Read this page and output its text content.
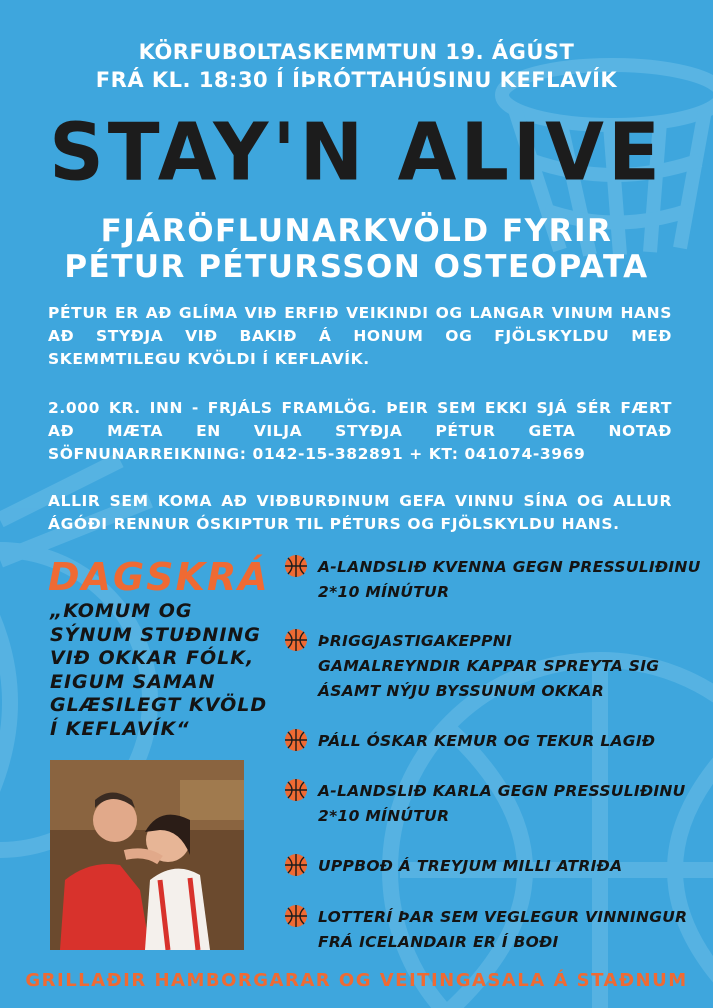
KÖRFUBOLTASKEMMTUN 19. ÁGÚST
FRÁ KL. 18:30 Í ÍÞRÓTTAHÚSINU KEFLAVÍK
STAY'N ALIVE
FJÁRÖFLUNARKVÖLD FYRIR
PÉTUR PÉTURSSON OSTEOPATA
PÉTUR ER AÐ GLÍMA VIÐ ERFIÐ VEIKINDI OG LANGAR VINUM HANS AÐ STYÐJA VIÐ BAKIÐ Á HONUM OG FJÖLSKYLDU MEÐ SKEMMTILEGU KVÖLDI Í KEFLAVÍK.
2.000 KR. INN - FRJÁLS FRAMLÖG. ÞEIR SEM EKKI SJÁ SÉR FÆRT AÐ MÆTA EN VILJA STYÐJA PÉTUR GETA NOTAÐ SÖFNUNARREIKNING: 0142-15-382891 + KT: 041074-3969
ALLIR SEM KOMA AÐ VIÐBURÐINUM GEFA VINNU SÍNA OG ALLUR ÁGÓÐI RENNUR ÓSKIPTUR TIL PÉTURS OG FJÖLSKYLDU HANS.
DAGSKRÁ
„KOMUM OG SÝNUM STUÐNING VIÐ OKKAR FÓLK, EIGUM SAMAN GLÆSILEGT KVÖLD Í KEFLAVÍK“
A-LANDSLIÐ KVENNA GEGN PRESSULIÐINU
2*10 MÍNÚTUR
ÞRIGGJASTIGAKEPPNI
GAMALREYNDIR KAPPAR SPREYTA SIG
ÁSAMT NÝJU BYSSUNUM OKKAR
PÁLL ÓSKAR KEMUR OG TEKUR LAGIÐ
A-LANDSLIÐ KARLA GEGN PRESSULIÐINU
2*10 MÍNÚTUR
UPPBOÐ Á TREYJUM MILLI ATRIÐA
LOTTERÍ ÞAR SEM VEGLEGUR VINNINGUR
FRÁ ICELANDAIR ER Í BOÐI
GRILLAÐIR HAMBORGARAR OG VEITINGASALA Á STAÐNUM
